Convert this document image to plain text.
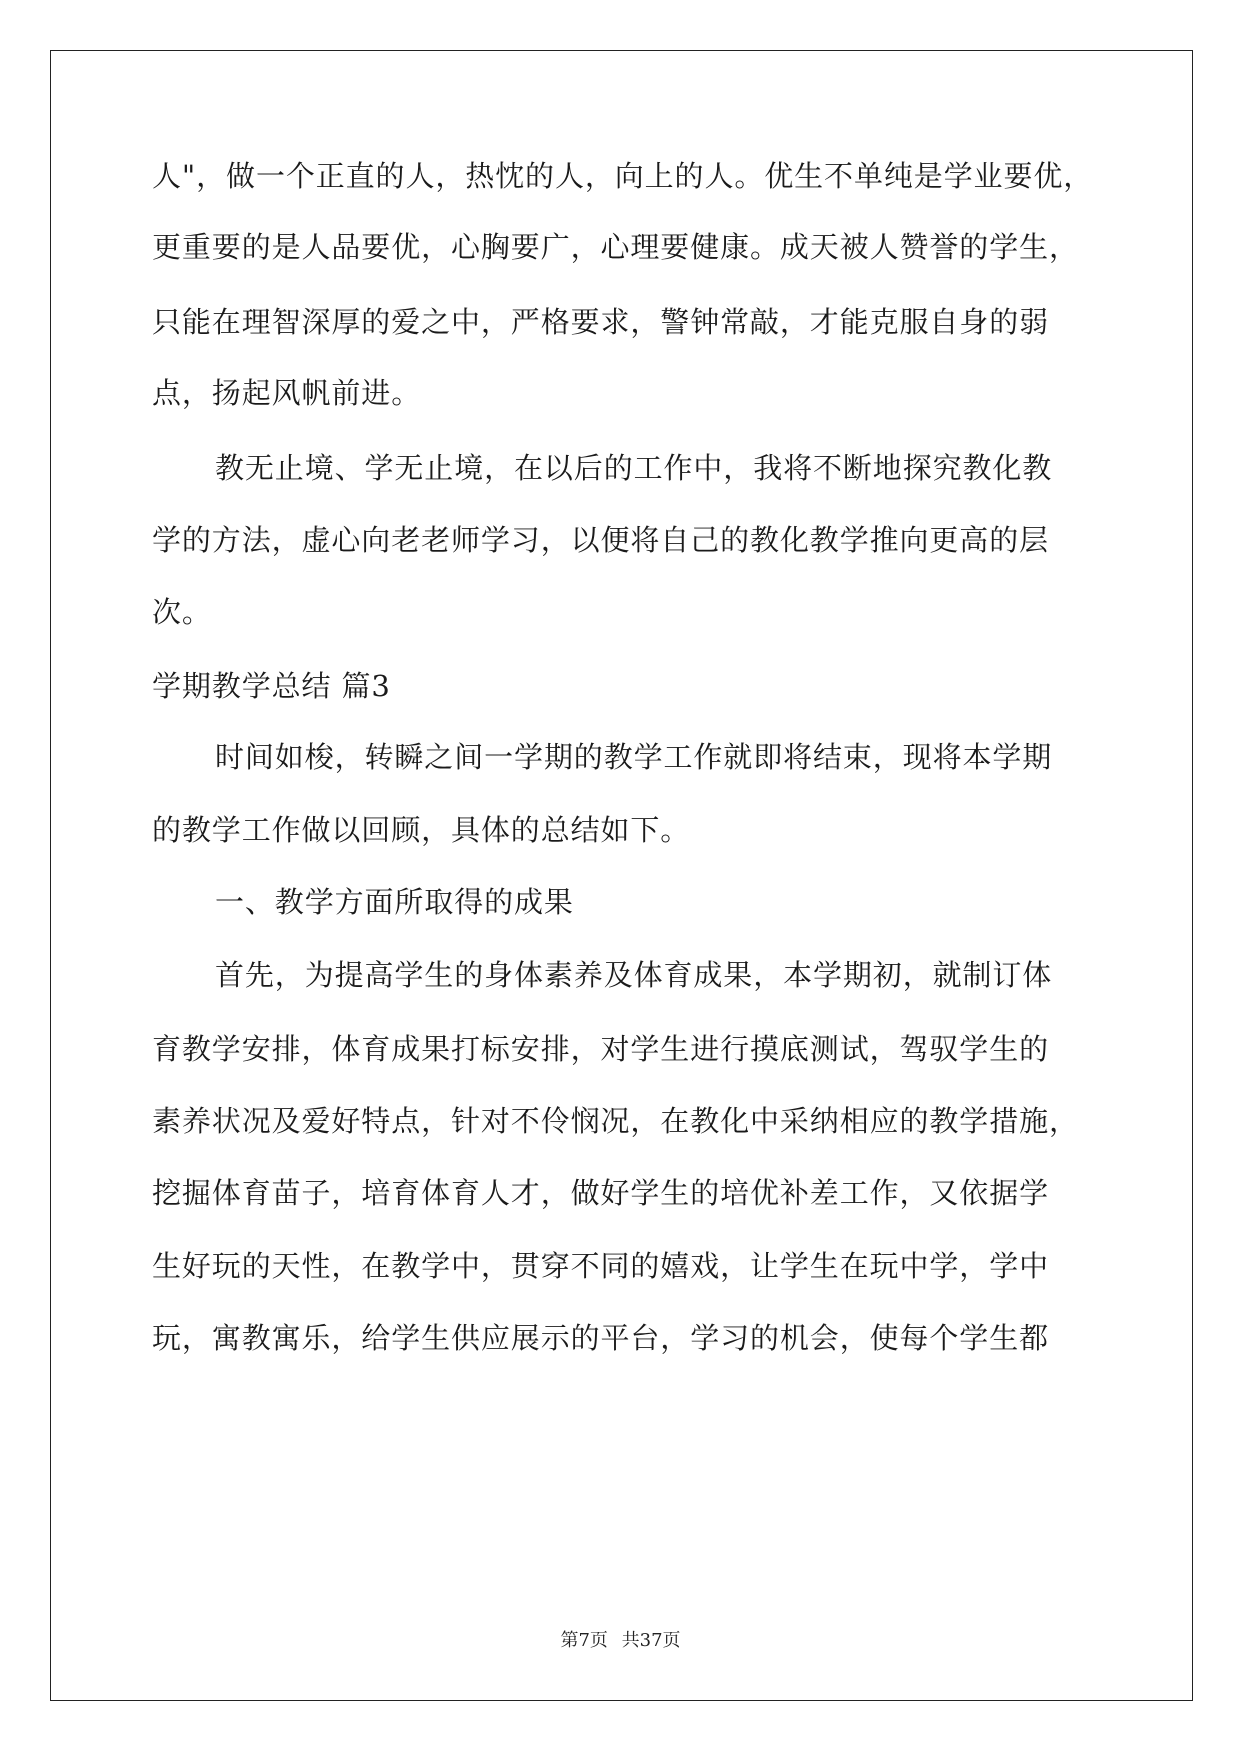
人"，做一个正直的人，热忱的人，向上的人。优生不单纯是学业要优，
更重要的是人品要优，心胸要广，心理要健康。成天被人赞誉的学生，
只能在理智深厚的爱之中，严格要求，警钟常敲，才能克服自身的弱
点，扬起风帆前进。
教无止境、学无止境，在以后的工作中，我将不断地探究教化教
学的方法，虚心向老老师学习，以便将自己的教化教学推向更高的层
次。
学期教学总结 篇3
时间如梭，转瞬之间一学期的教学工作就即将结束，现将本学期
的教学工作做以回顾，具体的总结如下。
一、教学方面所取得的成果
首先，为提高学生的身体素养及体育成果，本学期初，就制订体
育教学安排，体育成果打标安排，对学生进行摸底测试，驾驭学生的
素养状况及爱好特点，针对不伶悯况，在教化中采纳相应的教学措施，
挖掘体育苗子，培育体育人才，做好学生的培优补差工作，又依据学
生好玩的天性，在教学中，贯穿不同的嬉戏，让学生在玩中学，学中
玩，寓教寓乐，给学生供应展示的平台，学习的机会，使每个学生都
第7页 共37页
